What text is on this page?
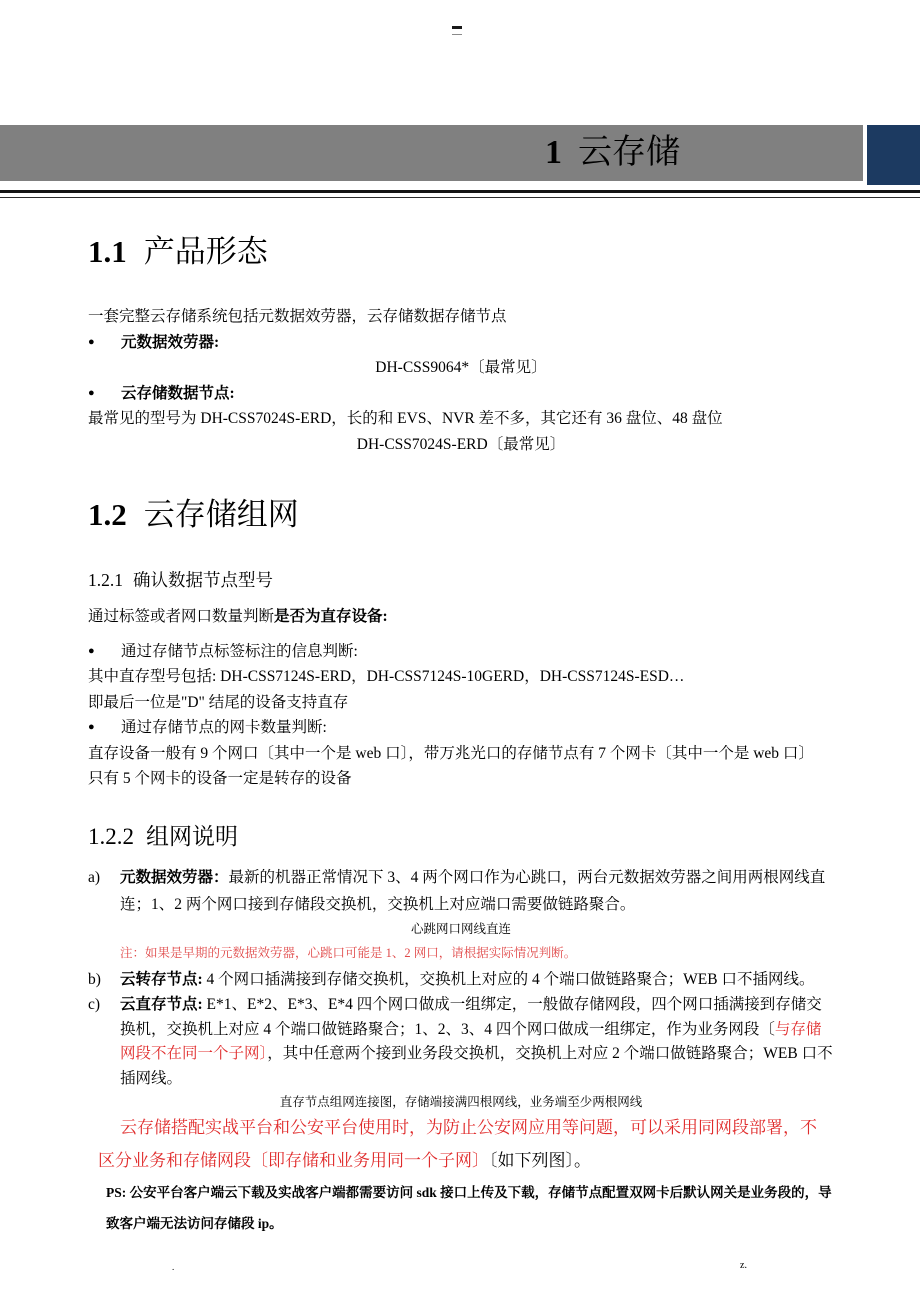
1 云存储
1.1 产品形态

一套完整云存储系统包括元数据效劳器，云存储数据存储节点

●	元数据效劳器:

DH-CSS9064*〔最常见〕

●	云存储数据节点:

最常见的型号为 DH-CSS7024S-ERD，长的和 EVS、NVR 差不多，其它还有 36 盘位、48 盘位

DH-CSS7024S-ERD〔最常见〕

1.2 云存储组网
1.2.1 确认数据节点型号

通过标签或者网口数量判断是否为直存设备:

●	通过存储节点标签标注的信息判断:

其中直存型号包括: DH-CSS7124S-ERD，DH-CSS7124S-10GERD，DH-CSS7124S-ESD…

即最后一位是"D" 结尾的设备支持直存

●	通过存储节点的网卡数量判断:

直存设备一般有 9 个网口〔其中一个是 web 口〕，带万兆光口的存储节点有 7 个网卡〔其中一个是 web 口〕

只有 5 个网卡的设备一定是转存的设备

1.2.2 组网说明
a)	元数据效劳器：最新的机器正常情况下 3、4 两个网口作为心跳口，两台元数据效劳器之间用两根网线直连；1、2 两个网口接到存储段交换机，交换机上对应端口需要做链路聚合。

心跳网口网线直连

注：如果是早期的元数据效劳器，心跳口可能是 1、2 网口，请根据实际情况判断。

b)	云转存节点: 4 个网口插满接到存储交换机，交换机上对应的 4 个端口做链路聚合；WEB 口不插网线。
c)	云直存节点: E*1、E*2、E*3、E*4 四个网口做成一组绑定，一般做存储网段，四个网口插满接到存储交换机，交换机上对应 4 个端口做链路聚合；1、2、3、4 四个网口做成一组绑定，作为业务网段〔与存储网段不在同一个子网〕，其中任意两个接到业务段交换机，交换机上对应 2 个端口做链路聚合；WEB 口不插网线。

直存节点组网连接图，存储端接满四根网线，业务端至少两根网线

云存储搭配实战平台和公安平台使用时，为防止公安网应用等问题，可以采用同网段部署，不区分业务和存储网段〔即存储和业务用同一个子网〕〔如下列图〕。

PS: 公安平台客户端云下载及实战客户端都需要访问 sdk 接口上传及下载，存储节点配置双网卡后默认网关是业务段的，导致客户端无法访问存储段 ip。

.	z.
